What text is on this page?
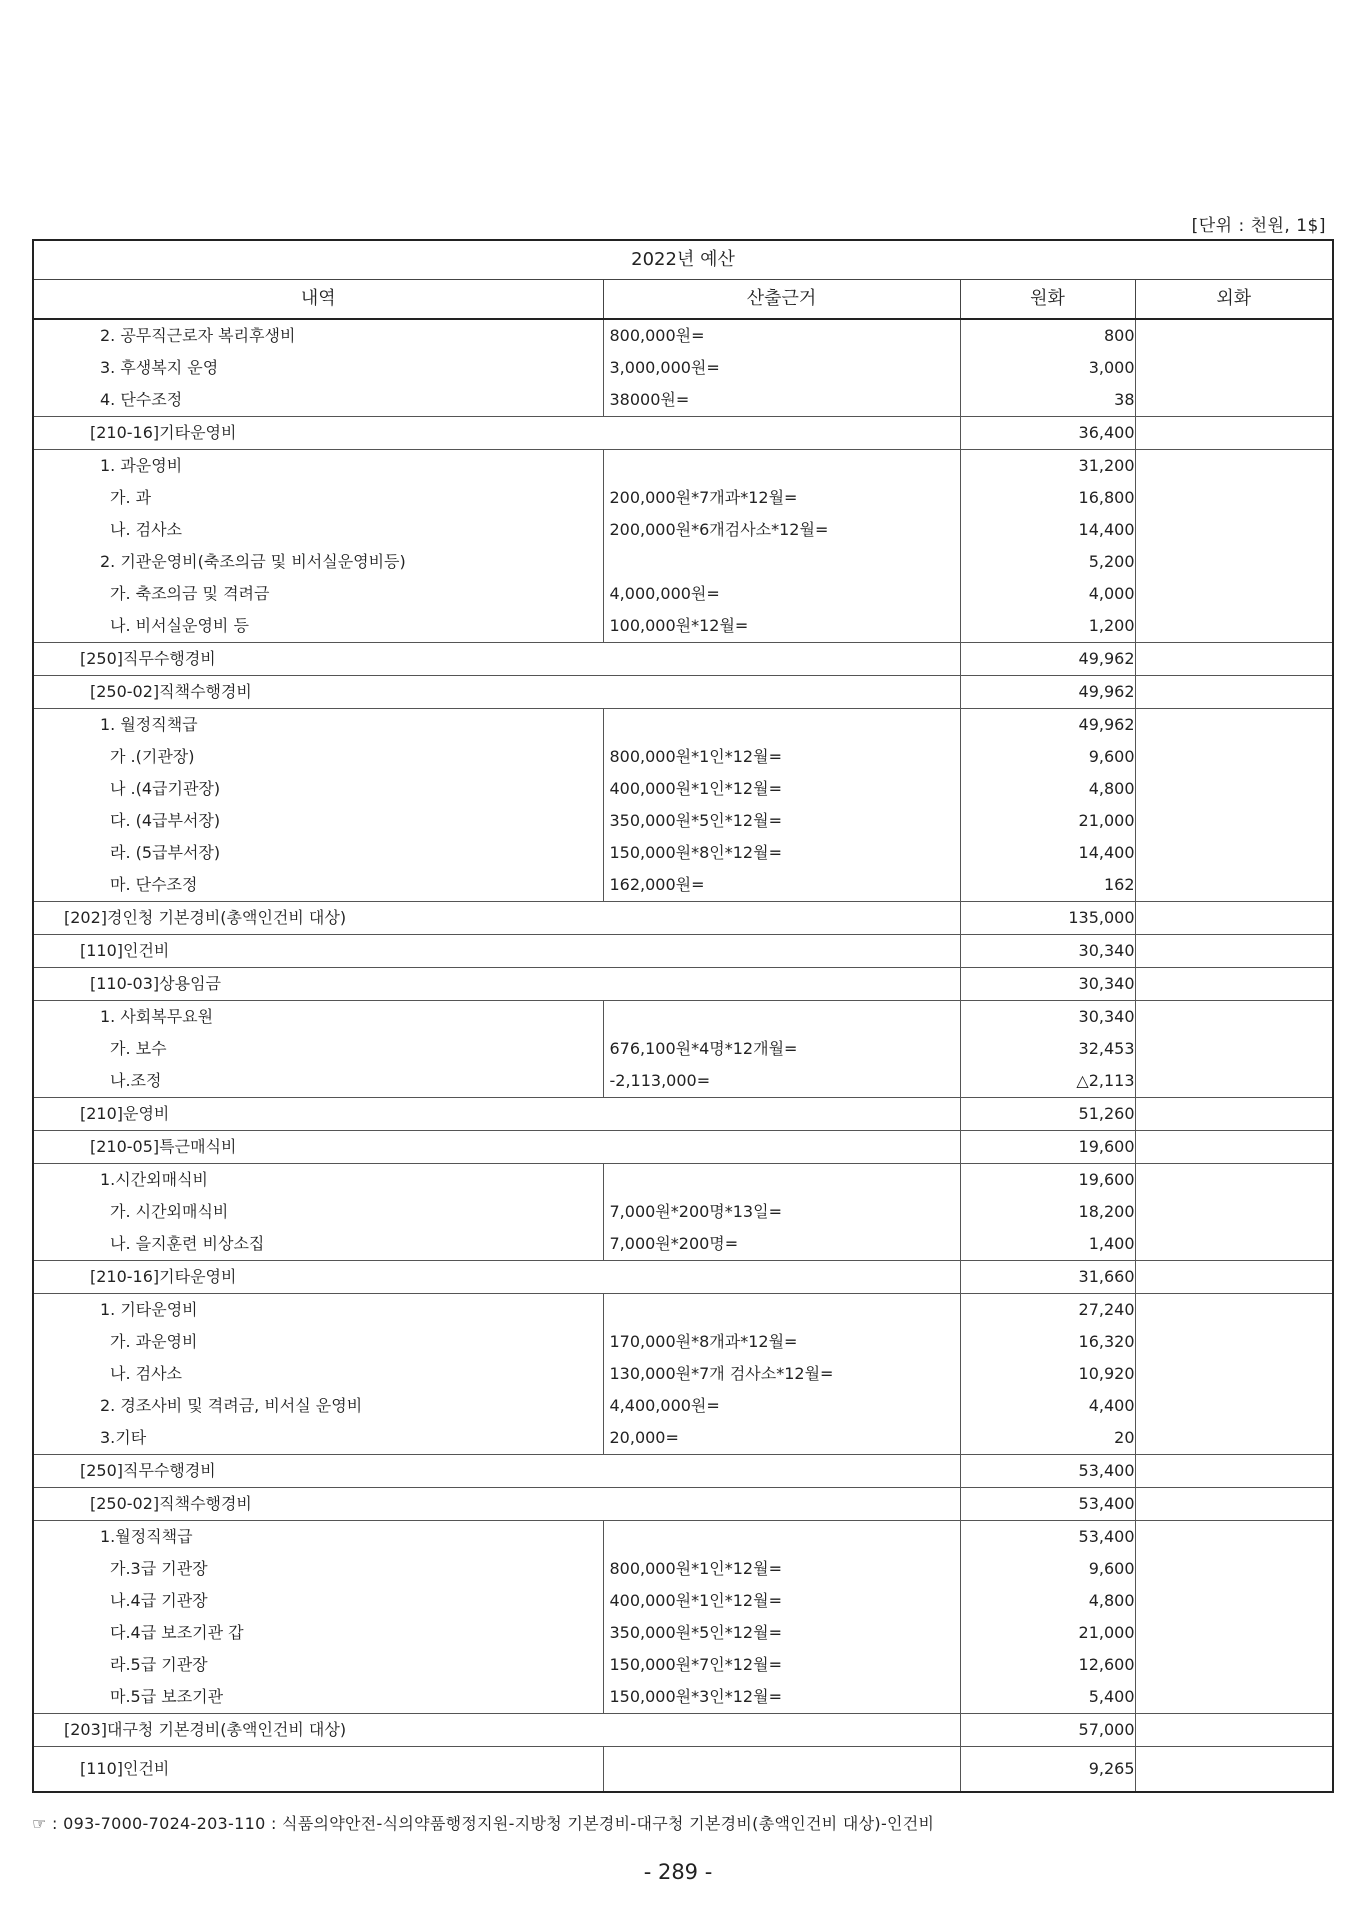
[단위 : 천원, 1$]
2022년 예산			
내역	산출근거	원화	외화
2. 공무직근로자 복리후생비	800,000원=	800	
3. 후생복지 운영	3,000,000원=	3,000	
4. 단수조정	38000원=	38	
[210-16]기타운영비		36,400	
1. 과운영비		31,200	
가. 과	200,000원*7개과*12월=	16,800	
나. 검사소	200,000원*6개검사소*12월=	14,400	
2. 기관운영비(축조의금 및 비서실운영비등)		5,200	
가. 축조의금 및 격려금	4,000,000원=	4,000	
나. 비서실운영비 등	100,000원*12월=	1,200	
[250]직무수행경비		49,962	
[250-02]직책수행경비		49,962	
1. 월정직책급		49,962	
가 .(기관장)	800,000원*1인*12월=	9,600	
나 .(4급기관장)	400,000원*1인*12월=	4,800	
다. (4급부서장)	350,000원*5인*12월=	21,000	
라. (5급부서장)	150,000원*8인*12월=	14,400	
마. 단수조정	162,000원=	162	
[202]경인청 기본경비(총액인건비 대상)		135,000	
[110]인건비		30,340	
[110-03]상용임금		30,340	
1. 사회복무요원		30,340	
가. 보수	676,100원*4명*12개월=	32,453	
나.조정	-2,113,000=	△2,113	
[210]운영비		51,260	
[210-05]특근매식비		19,600	
1.시간외매식비		19,600	
가. 시간외매식비	7,000원*200명*13일=	18,200	
나. 을지훈련 비상소집	7,000원*200명=	1,400	
[210-16]기타운영비		31,660	
1. 기타운영비		27,240	
가. 과운영비	170,000원*8개과*12월=	16,320	
나. 검사소	130,000원*7개 검사소*12월=	10,920	
2. 경조사비 및 격려금, 비서실 운영비	4,400,000원=	4,400	
3.기타	20,000=	20	
[250]직무수행경비		53,400	
[250-02]직책수행경비		53,400	
1.월정직책급		53,400	
가.3급 기관장	800,000원*1인*12월=	9,600	
나.4급 기관장	400,000원*1인*12월=	4,800	
다.4급 보조기관 갑	350,000원*5인*12월=	21,000	
라.5급 기관장	150,000원*7인*12월=	12,600	
마.5급 보조기관	150,000원*3인*12월=	5,400	
[203]대구청 기본경비(총액인건비 대상)		57,000	
[110]인건비		9,265	
☞ : 093-7000-7024-203-110 : 식품의약안전-식의약품행정지원-지방청 기본경비-대구청 기본경비(총액인건비 대상)-인건비
- 289 -
